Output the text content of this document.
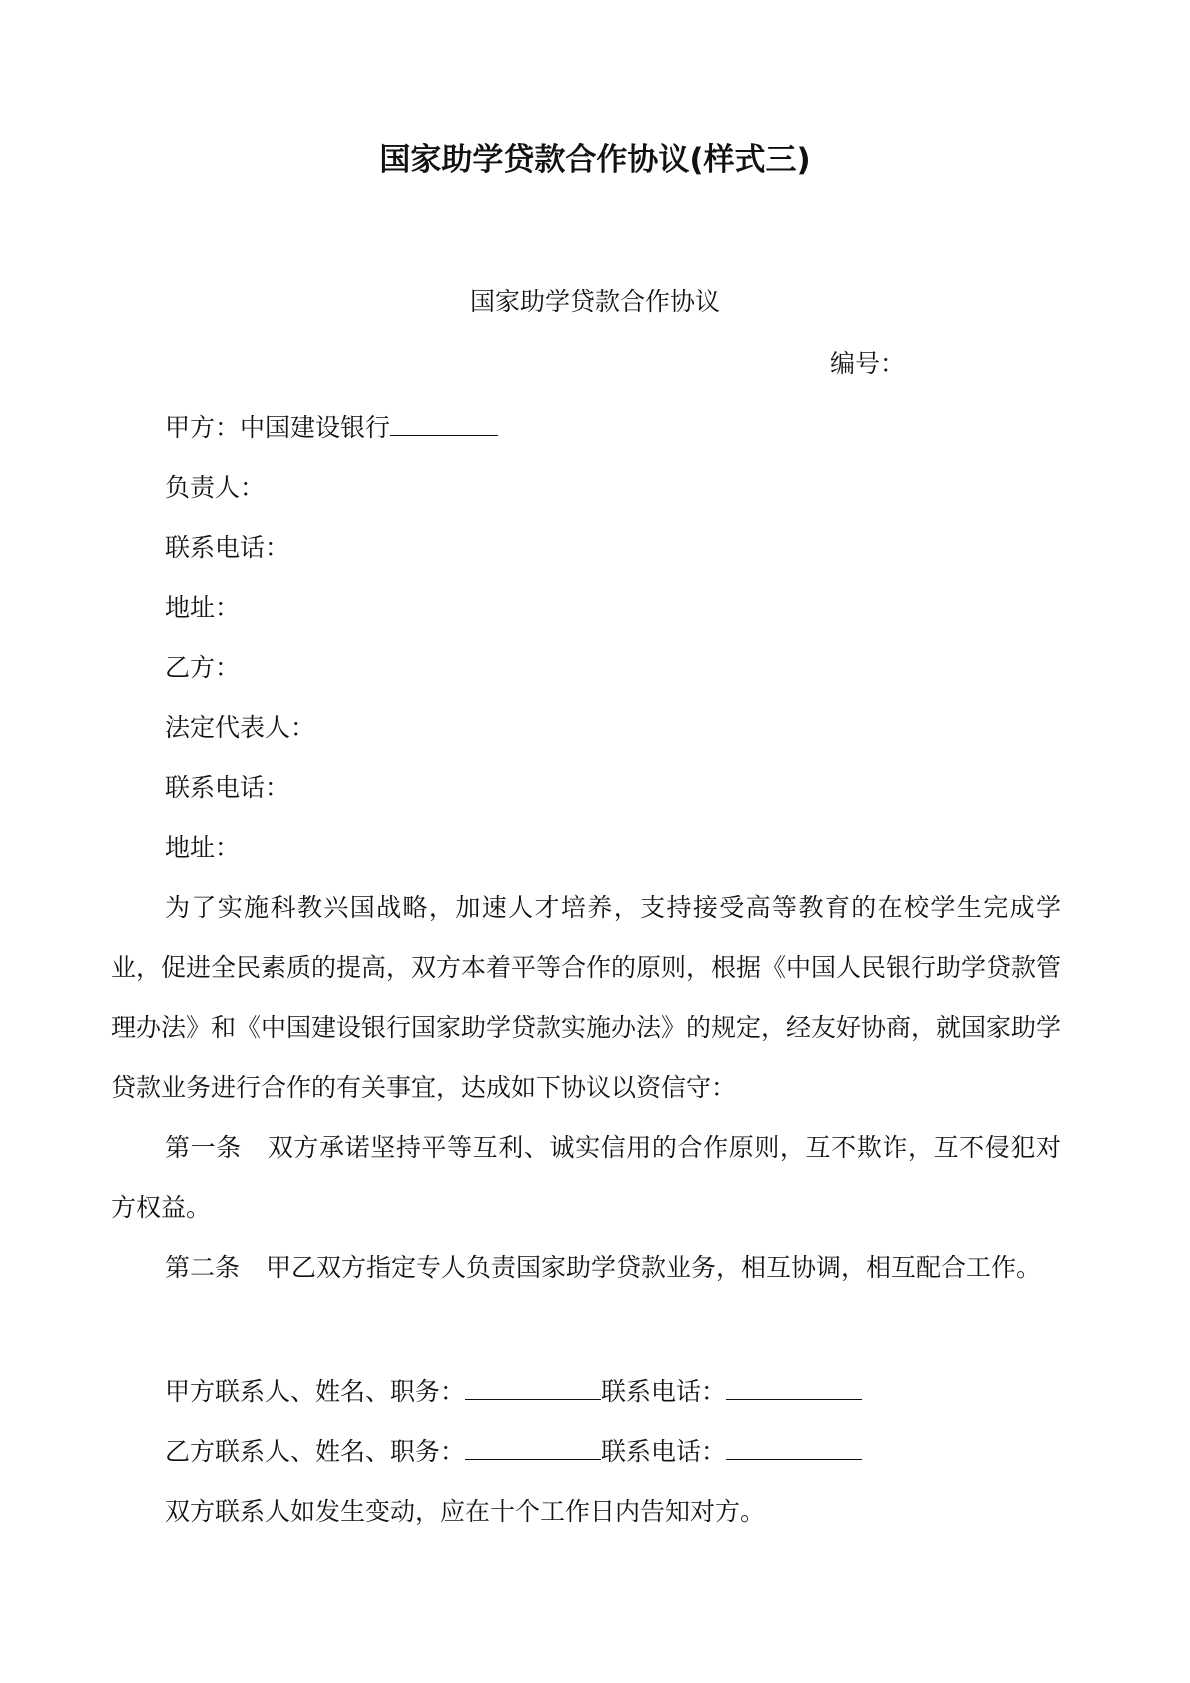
国家助学贷款合作协议(样式三)

国家助学贷款合作协议

编号：

甲方：中国建设银行

负责人：

联系电话：

地址：

乙方：

法定代表人：

联系电话：

地址：

为了实施科教兴国战略，加速人才培养，支持接受高等教育的在校学生完成学业，促进全民素质的提高，双方本着平等合作的原则，根据《中国人民银行助学贷款管理办法》和《中国建设银行国家助学贷款实施办法》的规定，经友好协商，就国家助学贷款业务进行合作的有关事宜，达成如下协议以资信守：

第一条 双方承诺坚持平等互利、诚实信用的合作原则，互不欺诈，互不侵犯对方权益。

第二条 甲乙双方指定专人负责国家助学贷款业务，相互协调，相互配合工作。

甲方联系人、姓名、职务：	联系电话：

乙方联系人、姓名、职务：	联系电话：

双方联系人如发生变动，应在十个工作日内告知对方。
